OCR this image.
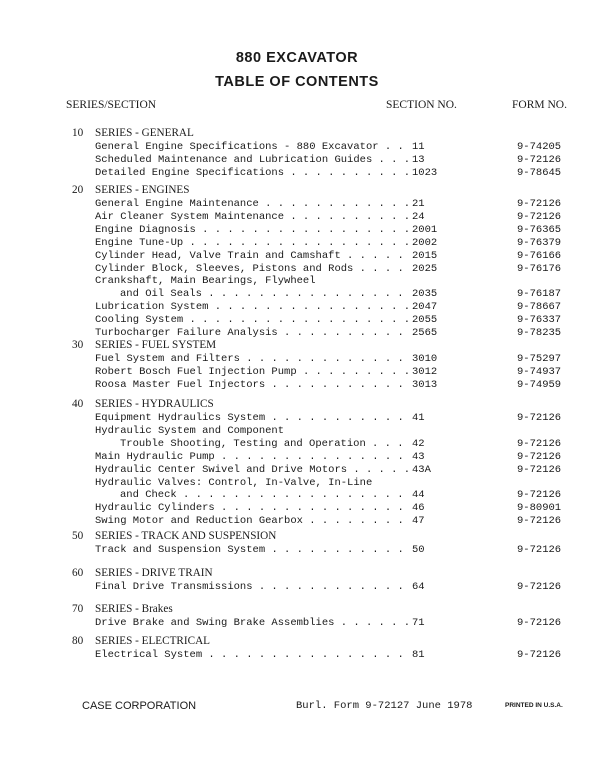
880 EXCAVATOR
TABLE OF CONTENTS
SERIES/SECTION	SECTION NO.	FORM NO.
10 SERIES - GENERAL
General Engine Specifications - 880 Excavator . . .	11	9-74205
Scheduled Maintenance and Lubrication Guides . . .	13	9-72126
Detailed Engine Specifications . . .	1023	9-78645
20 SERIES - ENGINES
General Engine Maintenance . . .	21	9-72126
Air Cleaner System Maintenance . . .	24	9-72126
Engine Diagnosis . . .	2001	9-76365
Engine Tune-Up . . .	2002	9-76379
Cylinder Head, Valve Train and Camshaft . . .	2015	9-76166
Cylinder Block, Sleeves, Pistons and Rods . . .	2025	9-76176
Crankshaft, Main Bearings, Flywheel
and Oil Seals . . .	2035	9-76187
Lubrication System . . .	2047	9-78667
Cooling System . . .	2055	9-76337
Turbocharger Failure Analysis . . .	2565	9-78235
30 SERIES - FUEL SYSTEM
Fuel System and Filters . . .	3010	9-75297
Robert Bosch Fuel Injection Pump . . .	3012	9-74937
Roosa Master Fuel Injectors . . .	3013	9-74959
40 SERIES - HYDRAULICS
Equipment Hydraulics System . . .	41	9-72126
Hydraulic System and Component
Trouble Shooting, Testing and Operation . . .	42	9-72126
Main Hydraulic Pump . . .	43	9-72126
Hydraulic Center Swivel and Drive Motors . . .	43A	9-72126
Hydraulic Valves: Control, In-Valve, In-Line
and Check . . .	44	9-72126
Hydraulic Cylinders . . .	46	9-80901
Swing Motor and Reduction Gearbox . . .	47	9-72126
50 SERIES - TRACK AND SUSPENSION
Track and Suspension System . . .	50	9-72126
60 SERIES - DRIVE TRAIN
Final Drive Transmissions . . .	64	9-72126
70 SERIES - Brakes
Drive Brake and Swing Brake Assemblies . . .	71	9-72126
80 SERIES - ELECTRICAL
Electrical System . . .	81	9-72126
CASE CORPORATION	Burl. Form 9-72127 June 1978	PRINTED IN U.S.A.
